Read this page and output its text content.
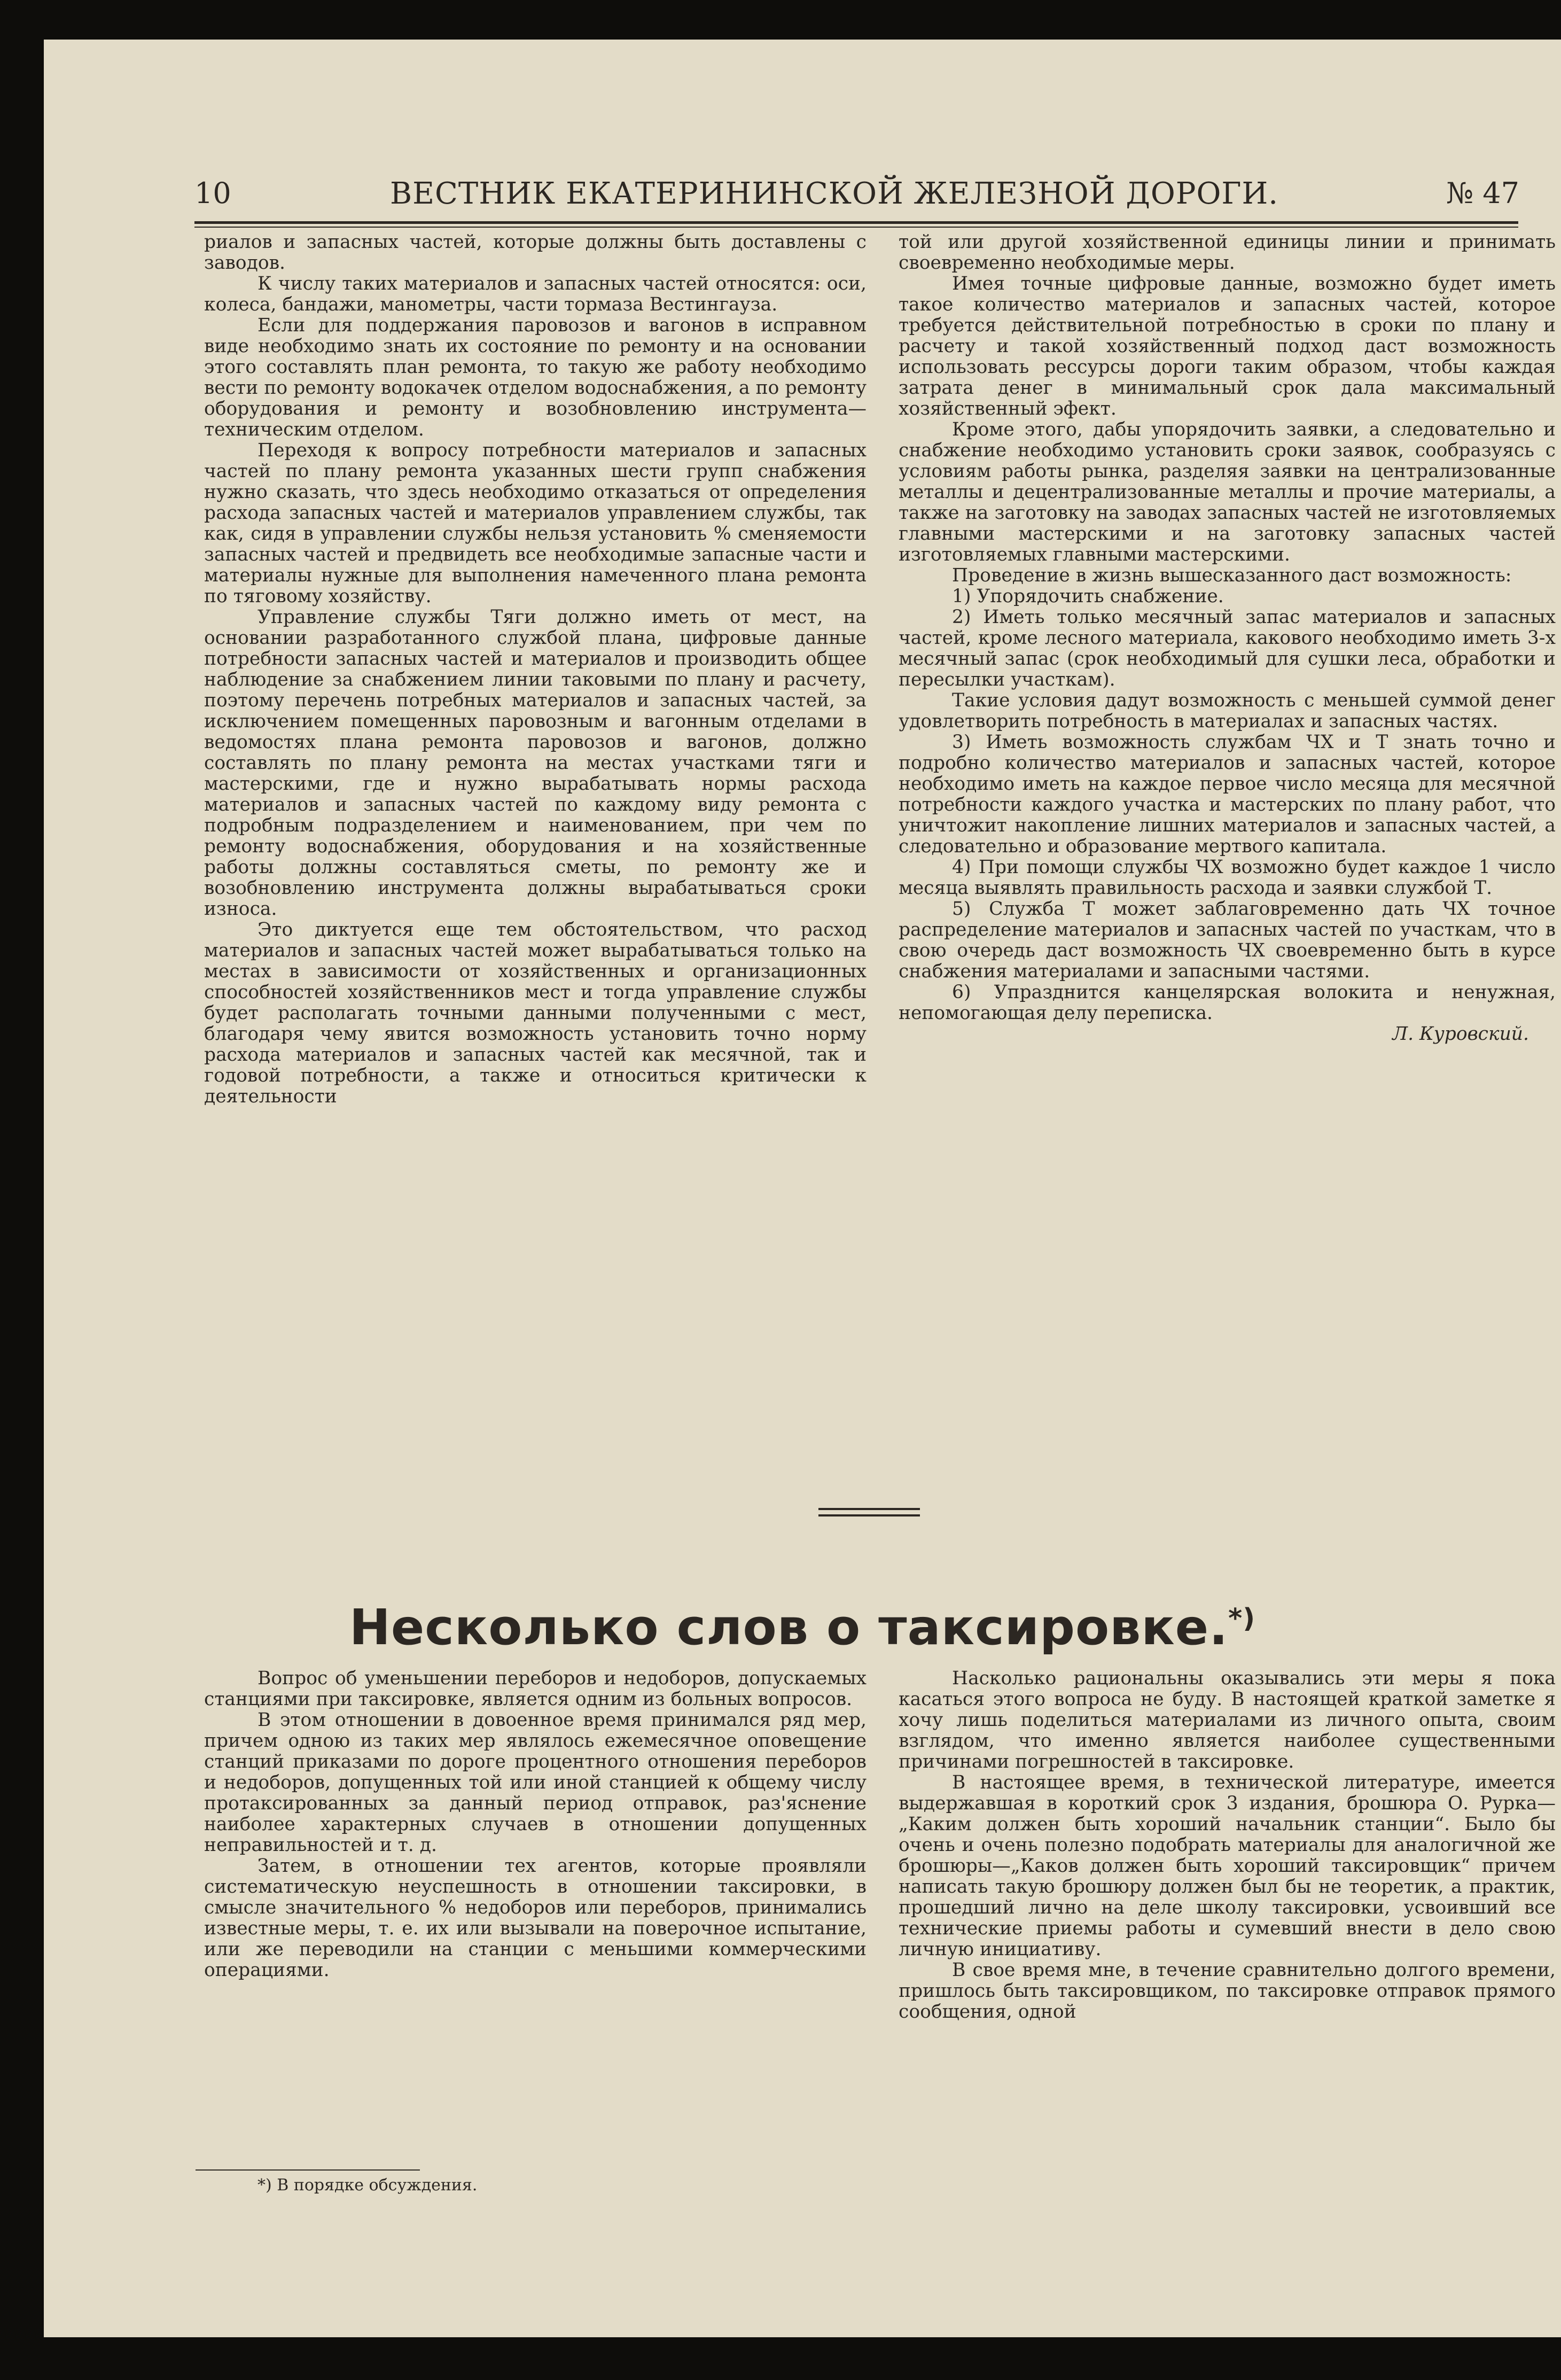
10	ВЕСТНИК ЕКАТЕРИНИНСКОЙ ЖЕЛЕЗНОЙ ДОРОГИ.	№ 47

риалов и запасных частей, которые должны быть доставлены с заводов.

К числу таких материалов и запасных частей относятся: оси, колеса, бандажи, манометры, части тормаза Вестингауза.

Если для поддержания паровозов и вагонов в исправном виде необходимо знать их состояние по ремонту и на основании этого составлять план ремонта, то такую же работу необходимо вести по ремонту водокачек отделом водоснабжения, а по ремонту оборудования и ремонту и возобновлению инструмента—техническим отделом.

Переходя к вопросу потребности материалов и запасных частей по плану ремонта указанных шести групп снабжения нужно сказать, что здесь необходимо отказаться от определения расхода запасных частей и материалов управлением службы, так как, сидя в управлении службы нельзя установить % сменяемости запасных частей и предвидеть все необходимые запасные части и материалы нужные для выполнения намеченного плана ремонта по тяговому хозяйству.

Управление службы Тяги должно иметь от мест, на основании разработанного службой плана, цифровые данные потребности запасных частей и материалов и производить общее наблюдение за снабжением линии таковыми по плану и расчету, поэтому перечень потребных материалов и запасных частей, за исключением помещенных паровозным и вагонным отделами в ведомостях плана ремонта паровозов и вагонов, должно составлять по плану ремонта на местах участками тяги и мастерскими, где и нужно вырабатывать нормы расхода материалов и запасных частей по каждому виду ремонта с подробным подразделением и наименованием, при чем по ремонту водоснабжения, оборудования и на хозяйственные работы должны составляться сметы, по ремонту же и возобновлению инструмента должны вырабатываться сроки износа.

Это диктуется еще тем обстоятельством, что расход материалов и запасных частей может вырабатываться только на местах в зависимости от хозяйственных и организационных способностей хозяйственников мест и тогда управление службы будет располагать точными данными полученными с мест, благодаря чему явится возможность установить точно норму расхода материалов и запасных частей как месячной, так и годовой потребности, а также и относиться критически к деятельности

той или другой хозяйственной единицы линии и принимать своевременно необходимые меры.

Имея точные цифровые данные, возможно будет иметь такое количество материалов и запасных частей, которое требуется действительной потребностью в сроки по плану и расчету и такой хозяйственный подход даст возможность использовать рессурсы дороги таким образом, чтобы каждая затрата денег в минимальный срок дала максимальный хозяйственный эфект.

Кроме этого, дабы упорядочить заявки, а следовательно и снабжение необходимо установить сроки заявок, сообразуясь с условиям работы рынка, разделяя заявки на централизованные металлы и децентрализованные металлы и прочие материалы, а также на заготовку на заводах запасных частей не изготовляемых главными мастерскими и на заготовку запасных частей изготовляемых главными мастерскими.

Проведение в жизнь вышесказанного даст возможность:

1) Упорядочить снабжение.

2) Иметь только месячный запас материалов и запасных частей, кроме лесного материала, какового необходимо иметь 3-х месячный запас (срок необходимый для сушки леса, обработки и пересылки участкам).

Такие условия дадут возможность с меньшей суммой денег удовлетворить потребность в материалах и запасных частях.

3) Иметь возможность службам ЧХ и Т знать точно и подробно количество материалов и запасных частей, которое необходимо иметь на каждое первое число месяца для месячной потребности каждого участка и мастерских по плану работ, что уничтожит накопление лишних материалов и запасных частей, а следовательно и образование мертвого капитала.

4) При помощи службы ЧХ возможно будет каждое 1 число месяца выявлять правильность расхода и заявки службой Т.

5) Служба Т может заблаговременно дать ЧХ точное распределение материалов и запасных частей по участкам, что в свою очередь даст возможность ЧХ своевременно быть в курсе снабжения материалами и запасными частями.

6) Упразднится канцелярская волокита и ненужная, непомогающая делу переписка.

Л. Куровский.

Несколько слов о таксировке.*)

Вопрос об уменьшении переборов и недоборов, допускаемых станциями при таксировке, является одним из больных вопросов.

В этом отношении в довоенное время принимался ряд мер, причем одною из таких мер являлось ежемесячное оповещение станций приказами по дороге процентного отношения переборов и недоборов, допущенных той или иной станцией к общему числу протаксированных за данный период отправок, раз'яснение наиболее характерных случаев в отношении допущенных неправильностей и т. д.

Затем, в отношении тех агентов, которые проявляли систематическую неуспешность в отношении таксировки, в смысле значительного % недоборов или переборов, принимались известные меры, т. е. их или вызывали на поверочное испытание, или же переводили на станции с меньшими коммерческими операциями.

Насколько рациональны оказывались эти меры я пока касаться этого вопроса не буду. В настоящей краткой заметке я хочу лишь поделиться материалами из личного опыта, своим взглядом, что именно является наиболее существенными причинами погрешностей в таксировке.

В настоящее время, в технической литературе, имеется выдержавшая в короткий срок 3 издания, брошюра О. Рурка—„Каким должен быть хороший начальник станции“. Было бы очень и очень полезно подобрать материалы для аналогичной же брошюры—„Каков должен быть хороший таксировщик“ причем написать такую брошюру должен был бы не теоретик, а практик, прошедший лично на деле школу таксировки, усвоивший все технические приемы работы и сумевший внести в дело свою личную инициативу.

В свое время мне, в течение сравнительно долгого времени, пришлось быть таксировщиком, по таксировке отправок прямого сообщения, одной

*) В порядке обсуждения.
